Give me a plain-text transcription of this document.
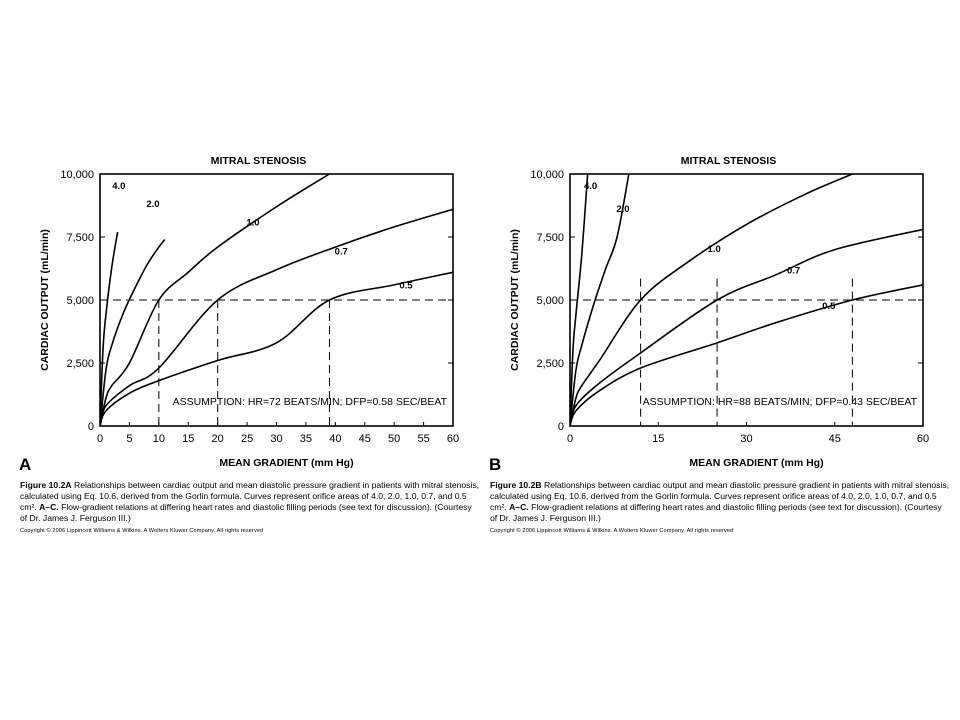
MITRAL STENOSIS
0
2,500
5,000
7,500
10,000
0 5 10 15 20 25 30 35 40 45 50 55 60
MEAN GRADIENT (mm Hg)
CARDIAC OUTPUT (mL/min)
A
4.0
2.0
1.0
0.7
0.5
ASSUMPTION: HR=72 BEATS/MIN; DFP=0.58 SEC/BEAT
Figure 10.2A Relationships between cardiac output and mean diastolic pressure gradient in patients with mitral stenosis, calculated using Eq. 10.6, derived from the Gorlin formula. Curves represent orifice areas of 4.0, 2.0, 1.0, 0.7, and 0.5 cm². A–C. Flow-gradient relations at differing heart rates and diastolic filling periods (see text for discussion). (Courtesy of Dr. James J. Ferguson III.)
Copyright © 2006 Lippincott Williams & Wilkins. A Wolters Kluwer Company. All rights reserved
MITRAL STENOSIS
0
2,500
5,000
7,500
10,000
0	15	30	45	60
MEAN GRADIENT (mm Hg)
CARDIAC OUTPUT (mL/min)
B
4.0
2.0
1.0
0.7
0.5
ASSUMPTION: HR=88 BEATS/MIN; DFP=0.43 SEC/BEAT
Figure 10.2B Relationships between cardiac output and mean diastolic pressure gradient in patients with mitral stenosis, calculated using Eq. 10.6, derived from the Gorlin formula. Curves represent orifice areas of 4.0, 2.0, 1.0, 0.7, and 0.5 cm². A–C. Flow-gradient relations at differing heart rates and diastolic filling periods (see text for discussion). (Courtesy of Dr. James J. Ferguson III.)
Copyright © 2006 Lippincott Williams & Wilkins. A Wolters Kluwer Company. All rights reserved
